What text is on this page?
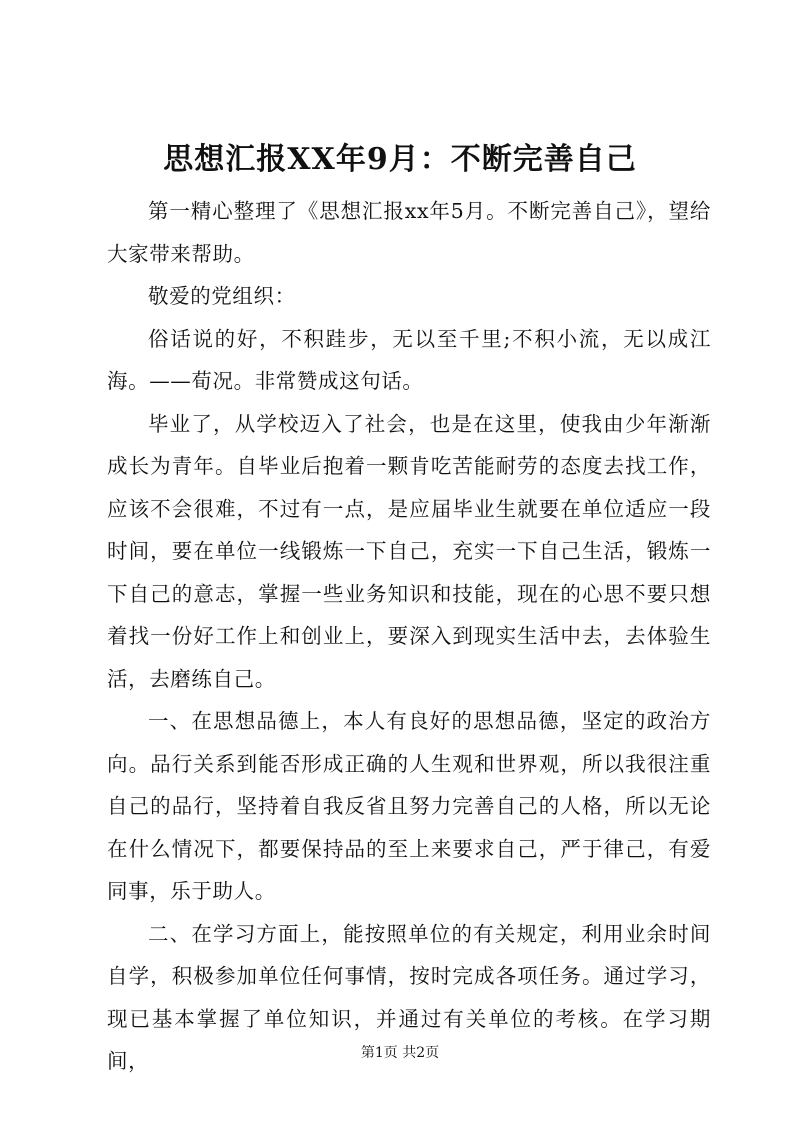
思想汇报XX年9月：不断完善自己

第一精心整理了《思想汇报xx年5月。不断完善自己》，望给大家带来帮助。

敬爱的党组织：

俗话说的好，不积跬步，无以至千里;不积小流，无以成江海。——荀况。非常赞成这句话。

毕业了，从学校迈入了社会，也是在这里，使我由少年渐渐成长为青年。自毕业后抱着一颗肯吃苦能耐劳的态度去找工作，应该不会很难，不过有一点，是应届毕业生就要在单位适应一段时间，要在单位一线锻炼一下自己，充实一下自己生活，锻炼一下自己的意志，掌握一些业务知识和技能，现在的心思不要只想着找一份好工作上和创业上，要深入到现实生活中去，去体验生活，去磨练自己。

一、在思想品德上，本人有良好的思想品德，坚定的政治方向。品行关系到能否形成正确的人生观和世界观，所以我很注重自己的品行，坚持着自我反省且努力完善自己的人格，所以无论在什么情况下，都要保持品的至上来要求自己，严于律己，有爱同事，乐于助人。

二、在学习方面上，能按照单位的有关规定，利用业余时间自学，积极参加单位任何事情，按时完成各项任务。通过学习，现已基本掌握了单位知识，并通过有关单位的考核。在学习期间，	第1页 共2页
